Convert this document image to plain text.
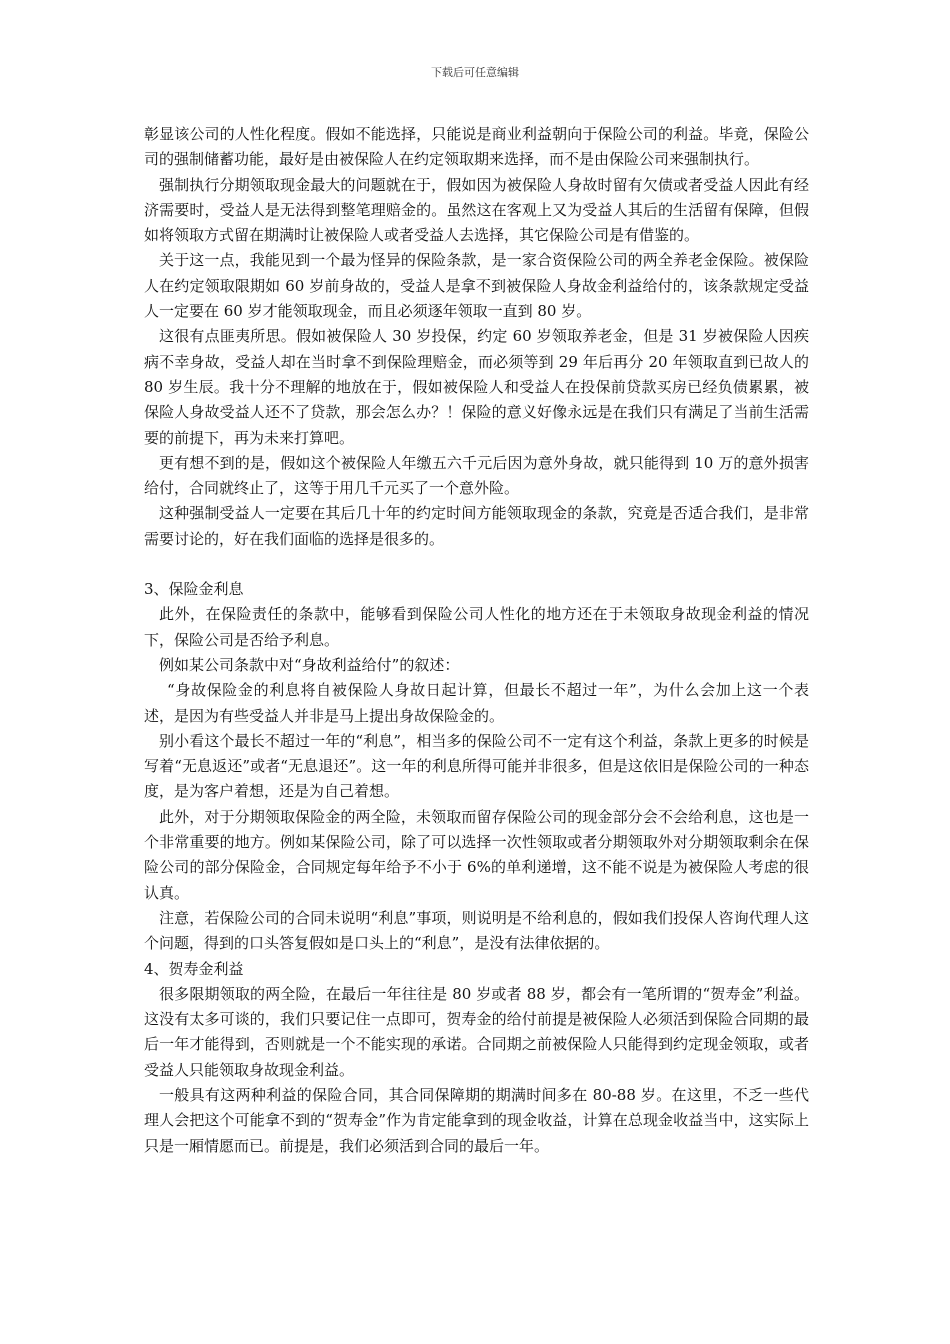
下载后可任意编辑

彰显该公司的人性化程度。假如不能选择，只能说是商业利益朝向于保险公司的利益。毕竟，保险公司的强制储蓄功能，最好是由被保险人在约定领取期来选择，而不是由保险公司来强制执行。

强制执行分期领取现金最大的问题就在于，假如因为被保险人身故时留有欠债或者受益人因此有经济需要时，受益人是无法得到整笔理赔金的。虽然这在客观上又为受益人其后的生活留有保障，但假如将领取方式留在期满时让被保险人或者受益人去选择，其它保险公司是有借鉴的。

关于这一点，我能见到一个最为怪异的保险条款，是一家合资保险公司的两全养老金保险。被保险人在约定领取限期如 60 岁前身故的，受益人是拿不到被保险人身故金利益给付的，该条款规定受益人一定要在 60 岁才能领取现金，而且必须逐年领取一直到 80 岁。

这很有点匪夷所思。假如被保险人 30 岁投保，约定 60 岁领取养老金，但是 31 岁被保险人因疾病不幸身故，受益人却在当时拿不到保险理赔金，而必须等到 29 年后再分 20 年领取直到已故人的 80 岁生辰。我十分不理解的地放在于，假如被保险人和受益人在投保前贷款买房已经负债累累，被保险人身故受益人还不了贷款，那会怎么办？！保险的意义好像永远是在我们只有满足了当前生活需要的前提下，再为未来打算吧。

更有想不到的是，假如这个被保险人年缴五六千元后因为意外身故，就只能得到 10 万的意外损害给付，合同就终止了，这等于用几千元买了一个意外险。

这种强制受益人一定要在其后几十年的约定时间方能领取现金的条款，究竟是否适合我们，是非常需要讨论的，好在我们面临的选择是很多的。

3、保险金利息

此外，在保险责任的条款中，能够看到保险公司人性化的地方还在于未领取身故现金利益的情况下，保险公司是否给予利息。

例如某公司条款中对“身故利益给付”的叙述：

“身故保险金的利息将自被保险人身故日起计算，但最长不超过一年”，为什么会加上这一个表述，是因为有些受益人并非是马上提出身故保险金的。

别小看这个最长不超过一年的“利息”，相当多的保险公司不一定有这个利益，条款上更多的时候是写着“无息返还”或者“无息退还”。这一年的利息所得可能并非很多，但是这依旧是保险公司的一种态度，是为客户着想，还是为自己着想。

此外，对于分期领取保险金的两全险，未领取而留存保险公司的现金部分会不会给利息，这也是一个非常重要的地方。例如某保险公司，除了可以选择一次性领取或者分期领取外对分期领取剩余在保险公司的部分保险金，合同规定每年给予不小于 6%的单利递增，这不能不说是为被保险人考虑的很认真。

注意，若保险公司的合同未说明“利息”事项，则说明是不给利息的，假如我们投保人咨询代理人这个问题，得到的口头答复假如是口头上的“利息”，是没有法律依据的。

4、贺寿金利益

很多限期领取的两全险，在最后一年往往是 80 岁或者 88 岁，都会有一笔所谓的“贺寿金”利益。这没有太多可谈的，我们只要记住一点即可，贺寿金的给付前提是被保险人必须活到保险合同期的最后一年才能得到，否则就是一个不能实现的承诺。合同期之前被保险人只能得到约定现金领取，或者受益人只能领取身故现金利益。

一般具有这两种利益的保险合同，其合同保障期的期满时间多在 80-88 岁。在这里，不乏一些代理人会把这个可能拿不到的“贺寿金”作为肯定能拿到的现金收益，计算在总现金收益当中，这实际上只是一厢情愿而已。前提是，我们必须活到合同的最后一年。
